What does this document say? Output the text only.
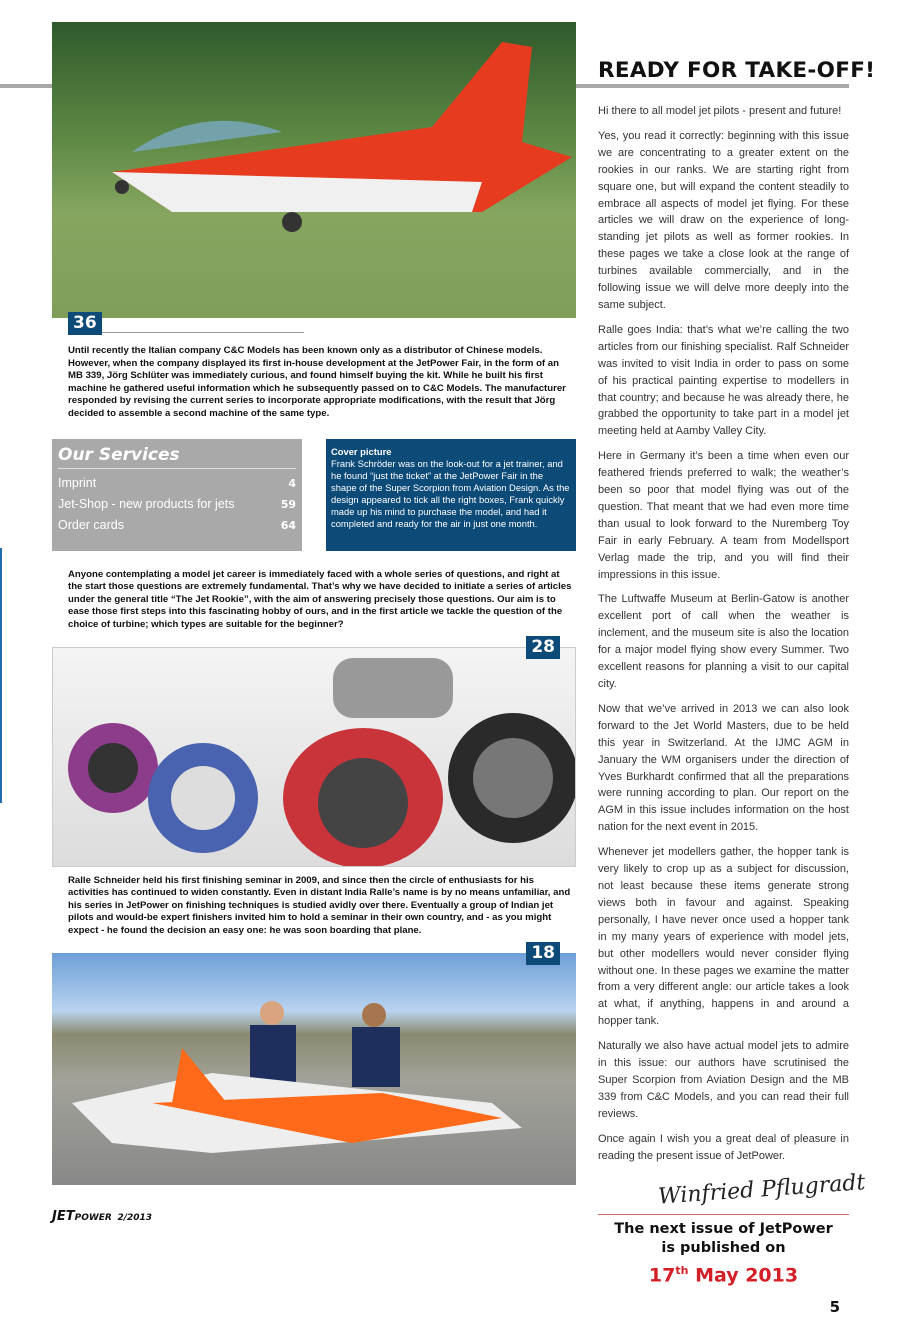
36
Until recently the Italian company C&C Models has been known only as a distributor of Chinese models. However, when the company displayed its first in-house development at the JetPower Fair, in the form of an MB 339, Jörg Schlüter was immediately curious, and found himself buying the kit. While he built his first machine he gathered useful information which he subsequently passed on to C&C Models. The manufacturer responded by revising the current series to incorporate appropriate modifications, with the result that Jörg decided to assemble a second machine of the same type.
Our Services
Imprint	4
Jet-Shop - new products for jets	59
Order cards	64
Cover picture
Frank Schröder was on the look-out for a jet trainer, and he found “just the ticket” at the JetPower Fair in the shape of the Super Scorpion from Aviation Design. As the design appeared to tick all the right boxes, Frank quickly made up his mind to purchase the model, and had it completed and ready for the air in just one month.
Anyone contemplating a model jet career is immediately faced with a whole series of questions, and right at the start those questions are extremely fundamental. That’s why we have decided to initiate a series of articles under the general title “The Jet Rookie”, with the aim of answering precisely those questions. Our aim is to ease those first steps into this fascinating hobby of ours, and in the first article we tackle the question of the choice of turbine; which types are suitable for the beginner?
28
Ralle Schneider held his first finishing seminar in 2009, and since then the circle of enthusiasts for his activities has continued to widen constantly. Even in distant India Ralle’s name is by no means unfamiliar, and his series in JetPower on finishing techniques is studied avidly over there. Eventually a group of Indian jet pilots and would-be expert finishers invited him to hold a seminar in their own country, and - as you might expect - he found the decision an easy one: he was soon boarding that plane.
18
JETPOWER 2/2013
READY FOR TAKE-OFF!

Hi there to all model jet pilots - present and future!

Yes, you read it correctly: beginning with this issue we are concentrating to a greater extent on the rookies in our ranks. We are starting right from square one, but will expand the content steadily to embrace all aspects of model jet flying. For these articles we will draw on the experience of long-standing jet pilots as well as former rookies. In these pages we take a close look at the range of turbines available commercially, and in the following issue we will delve more deeply into the same subject.

Ralle goes India: that’s what we’re calling the two articles from our finishing specialist. Ralf Schneider was invited to visit India in order to pass on some of his practical painting expertise to modellers in that country; and because he was already there, he grabbed the opportunity to take part in a model jet meeting held at Aamby Valley City.

Here in Germany it’s been a time when even our feathered friends preferred to walk; the weather’s been so poor that model flying was out of the question. That meant that we had even more time than usual to look forward to the Nuremberg Toy Fair in early February. A team from Modellsport Verlag made the trip, and you will find their impressions in this issue.

The Luftwaffe Museum at Berlin-Gatow is another excellent port of call when the weather is inclement, and the museum site is also the location for a major model flying show every Summer. Two excellent reasons for planning a visit to our capital city.

Now that we’ve arrived in 2013 we can also look forward to the Jet World Masters, due to be held this year in Switzerland. At the IJMC AGM in January the WM organisers under the direction of Yves Burkhardt confirmed that all the preparations were running according to plan. Our report on the AGM in this issue includes information on the host nation for the next event in 2015.

Whenever jet modellers gather, the hopper tank is very likely to crop up as a subject for discussion, not least because these items generate strong views both in favour and against. Speaking personally, I have never once used a hopper tank in my many years of experience with model jets, but other modellers would never consider flying without one. In these pages we examine the matter from a very different angle: our article takes a look at what, if anything, happens in and around a hopper tank.

Naturally we also have actual model jets to admire in this issue: our authors have scrutinised the Super Scorpion from Aviation Design and the MB 339 from C&C Models, and you can read their full reviews.

Once again I wish you a great deal of pleasure in reading the present issue of JetPower.

Winfried Pflugradt
The next issue of JetPower
is published on
17th May 2013
5
